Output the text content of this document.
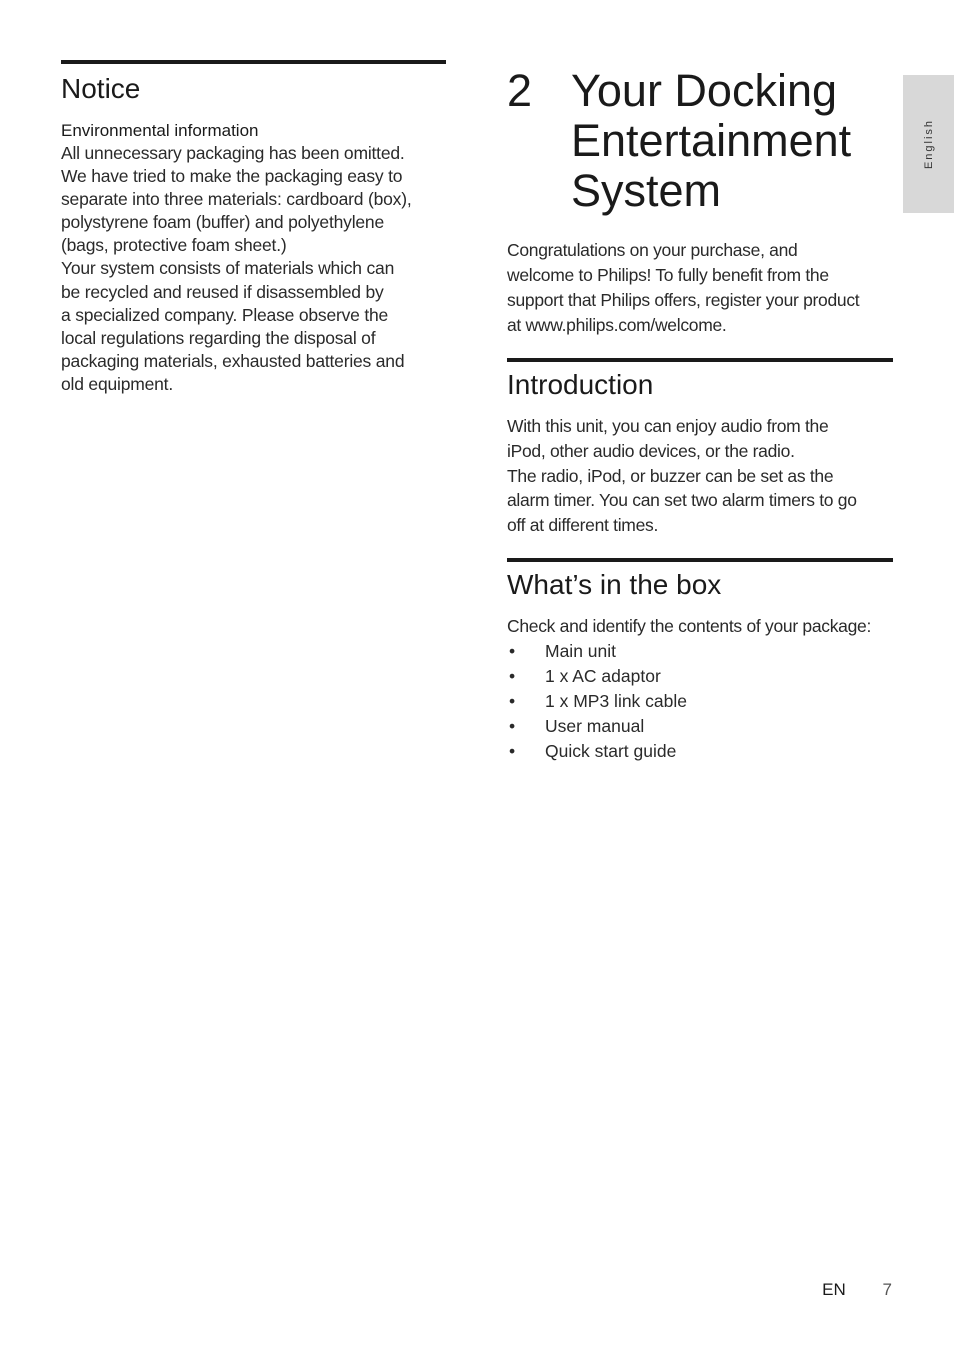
Notice
Environmental information
All unnecessary packaging has been omitted.
We have tried to make the packaging easy to
separate into three materials: cardboard (box),
polystyrene foam (buffer) and polyethylene
(bags, protective foam sheet.)
Your system consists of materials which can
be recycled and reused if disassembled by
a specialized company. Please observe the
local regulations regarding the disposal of
packaging materials, exhausted batteries and
old equipment.
2 Your Docking
Entertainment
System
Congratulations on your purchase, and
welcome to Philips! To fully benefit from the
support that Philips offers, register your product
at www.philips.com/welcome.
Introduction
With this unit, you can enjoy audio from the
iPod, other audio devices, or the radio.
The radio, iPod, or buzzer can be set as the
alarm timer. You can set two alarm timers to go
off at different times.
What’s in the box
Check and identify the contents of your package:
• Main unit
• 1 x AC adaptor
• 1 x MP3 link cable
• User manual
• Quick start guide
English
EN 7
